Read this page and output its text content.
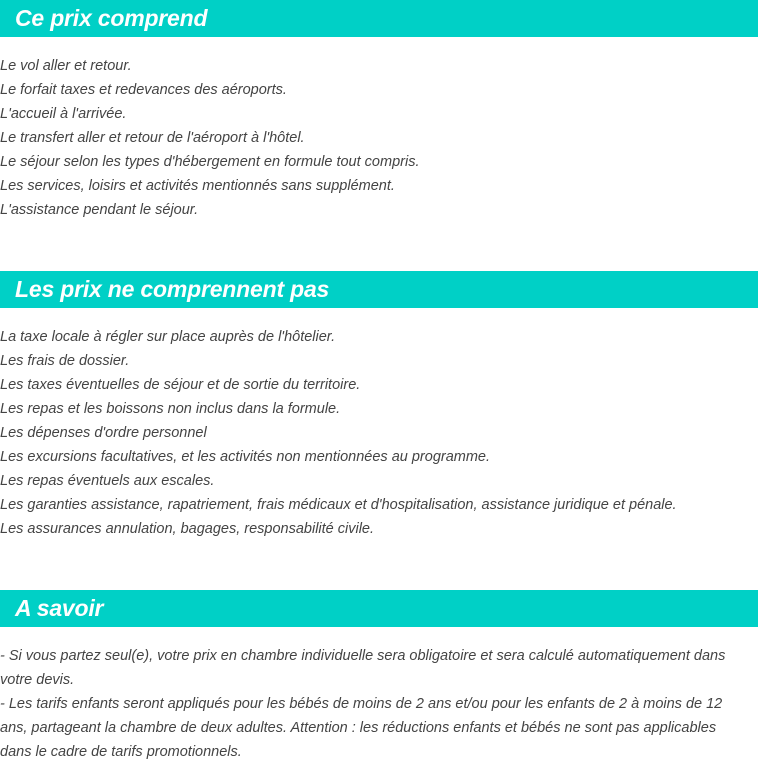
Ce prix comprend
Le vol aller et retour.
Le forfait taxes et redevances des aéroports.
L'accueil à l'arrivée.
Le transfert aller et retour de l'aéroport à l'hôtel.
Le séjour selon les types d'hébergement en formule tout compris.
Les services, loisirs et activités mentionnés sans supplément.
L'assistance pendant le séjour.
Les prix ne comprennent pas
La taxe locale à régler sur place auprès de l'hôtelier.
Les frais de dossier.
Les taxes éventuelles de séjour et de sortie du territoire.
Les repas et les boissons non inclus dans la formule.
Les dépenses d'ordre personnel
Les excursions facultatives, et les activités non mentionnées au programme.
Les repas éventuels aux escales.
Les garanties assistance, rapatriement, frais médicaux et d'hospitalisation, assistance juridique et pénale.
Les assurances annulation, bagages, responsabilité civile.
A savoir

- Si vous partez seul(e), votre prix en chambre individuelle sera obligatoire et sera calculé automatiquement dans votre devis.

- Les tarifs enfants seront appliqués pour les bébés de moins de 2 ans et/ou pour les enfants de 2 à moins de 12 ans, partageant la chambre de deux adultes. Attention : les réductions enfants et bébés ne sont pas applicables dans le cadre de tarifs promotionnels.
